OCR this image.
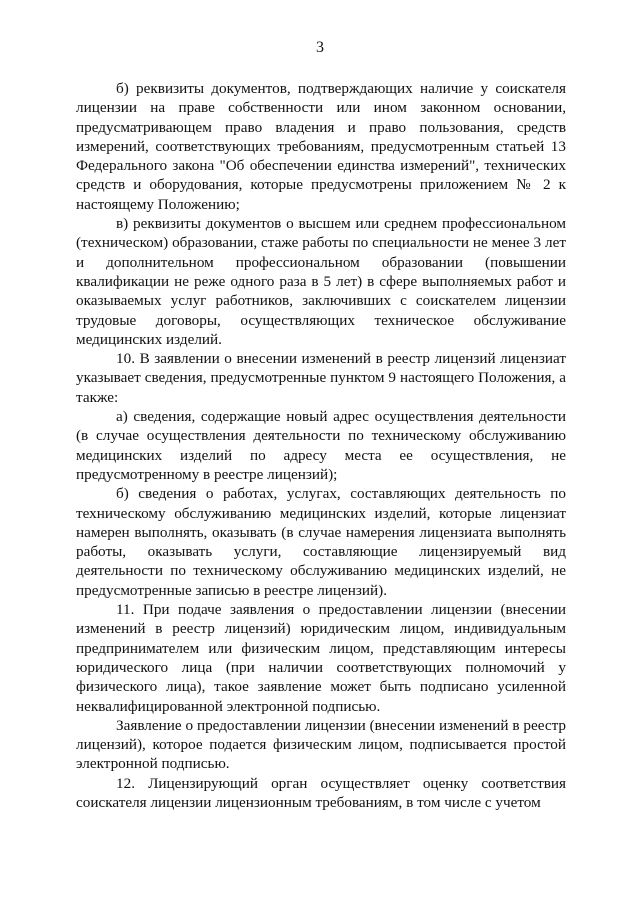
3

б) реквизиты документов, подтверждающих наличие у соискателя лицензии на праве собственности или ином законном основании, предусматривающем право владения и право пользования, средств измерений, соответствующих требованиям, предусмотренным статьей 13 Федерального закона "Об обеспечении единства измерений", технических средств и оборудования, которые предусмотрены приложением № 2 к настоящему Положению;

в) реквизиты документов о высшем или среднем профессиональном (техническом) образовании, стаже работы по специальности не менее 3 лет и дополнительном профессиональном образовании (повышении квалификации не реже одного раза в 5 лет) в сфере выполняемых работ и оказываемых услуг работников, заключивших с соискателем лицензии трудовые договоры, осуществляющих техническое обслуживание медицинских изделий.

10. В заявлении о внесении изменений в реестр лицензий лицензиат указывает сведения, предусмотренные пунктом 9 настоящего Положения, а также:

а) сведения, содержащие новый адрес осуществления деятельности (в случае осуществления деятельности по техническому обслуживанию медицинских изделий по адресу места ее осуществления, не предусмотренному в реестре лицензий);

б) сведения о работах, услугах, составляющих деятельность по техническому обслуживанию медицинских изделий, которые лицензиат намерен выполнять, оказывать (в случае намерения лицензиата выполнять работы, оказывать услуги, составляющие лицензируемый вид деятельности по техническому обслуживанию медицинских изделий, не предусмотренные записью в реестре лицензий).

11. При подаче заявления о предоставлении лицензии (внесении изменений в реестр лицензий) юридическим лицом, индивидуальным предпринимателем или физическим лицом, представляющим интересы юридического лица (при наличии соответствующих полномочий у физического лица), такое заявление может быть подписано усиленной неквалифицированной электронной подписью.

Заявление о предоставлении лицензии (внесении изменений в реестр лицензий), которое подается физическим лицом, подписывается простой электронной подписью.

12. Лицензирующий орган осуществляет оценку соответствия соискателя лицензии лицензионным требованиям, в том числе с учетом
